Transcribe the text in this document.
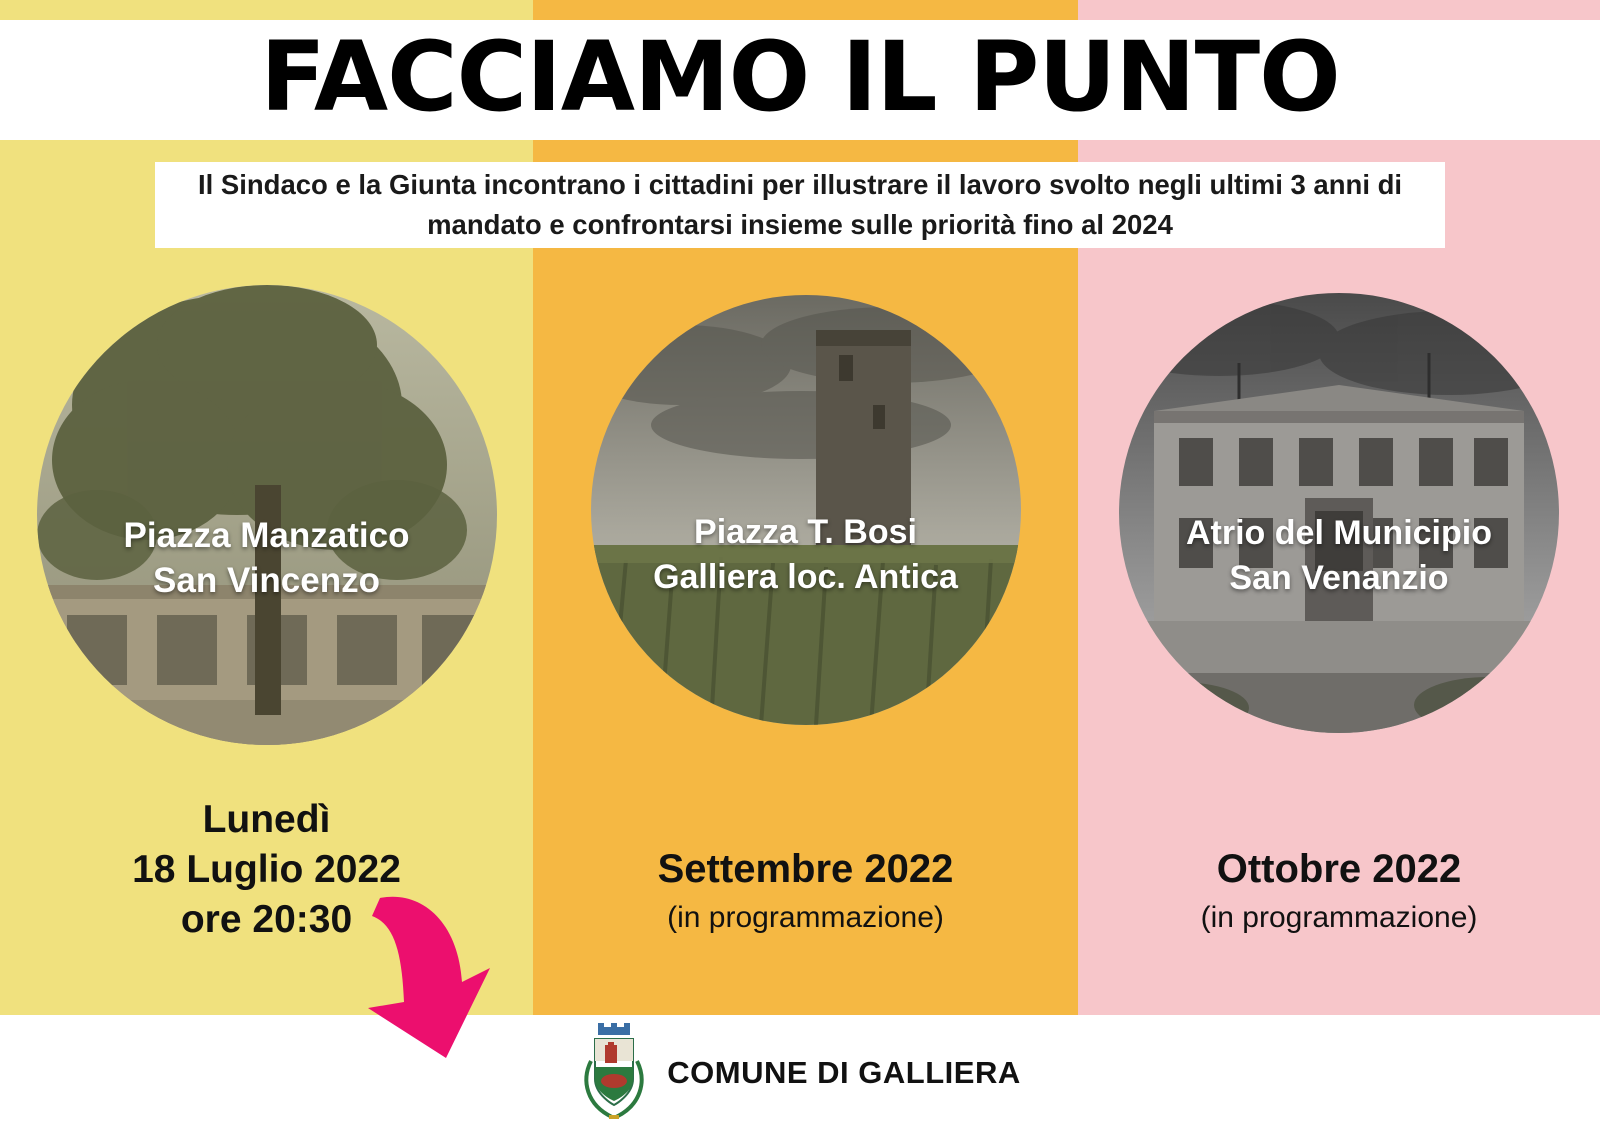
FACCIAMO IL PUNTO
Il Sindaco e la Giunta incontrano i cittadini per illustrare il lavoro svolto negli ultimi 3 anni di mandato e confrontarsi insieme sulle priorità fino al 2024
Piazza Manzatico
San Vincenzo
Lunedì
18 Luglio 2022
ore 20:30
Piazza T. Bosi
Galliera loc. Antica
Settembre 2022
(in programmazione)
Atrio del Municipio
San Venanzio
Ottobre 2022
(in programmazione)
COMUNE DI GALLIERA
